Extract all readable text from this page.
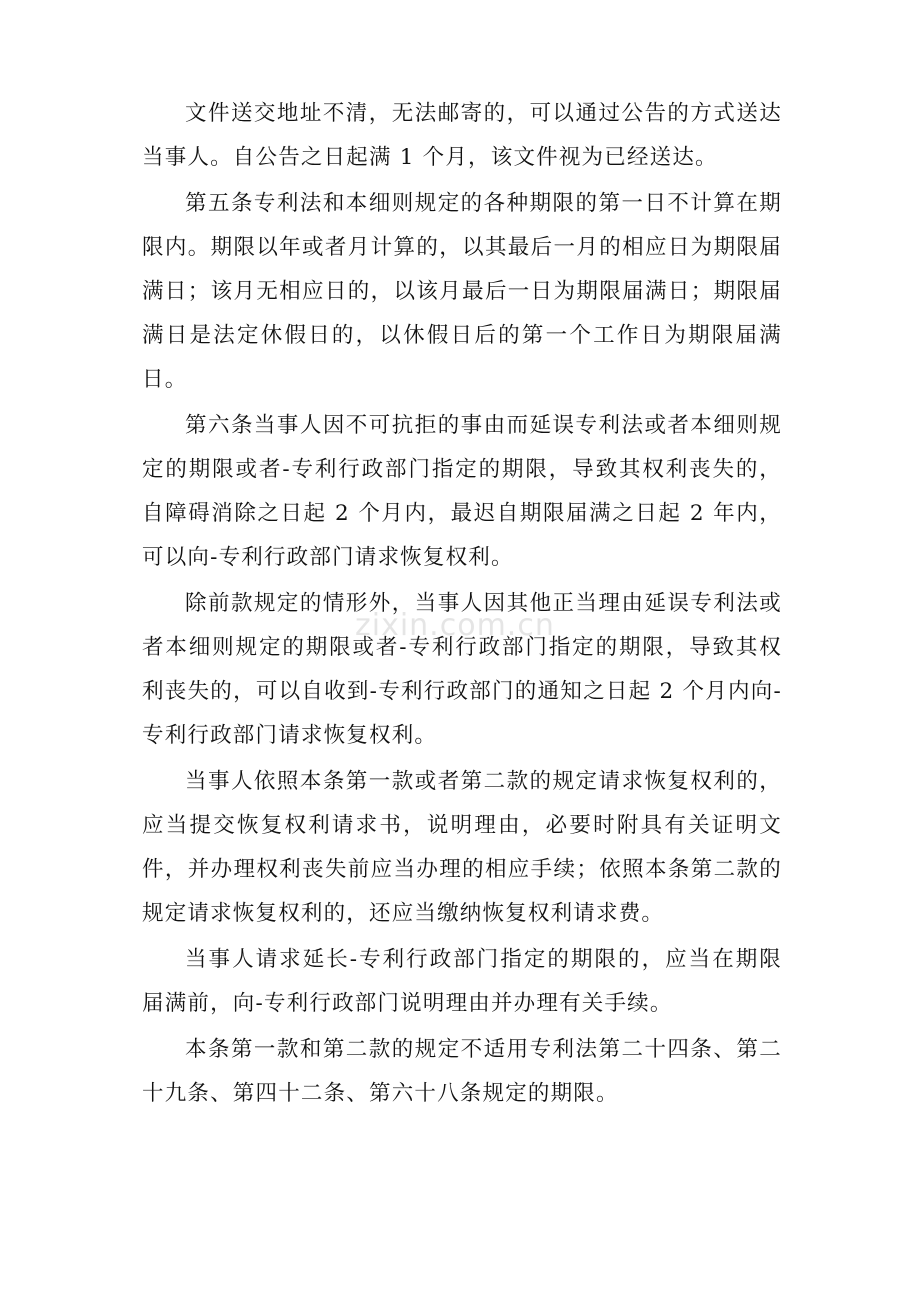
文件送交地址不清，无法邮寄的，可以通过公告的方式送达当事人。自公告之日起满 1 个月，该文件视为已经送达。

第五条专利法和本细则规定的各种期限的第一日不计算在期限内。期限以年或者月计算的，以其最后一月的相应日为期限届满日；该月无相应日的，以该月最后一日为期限届满日；期限届满日是法定休假日的，以休假日后的第一个工作日为期限届满日。

第六条当事人因不可抗拒的事由而延误专利法或者本细则规定的期限或者-专利行政部门指定的期限，导致其权利丧失的，自障碍消除之日起 2 个月内，最迟自期限届满之日起 2 年内，可以向-专利行政部门请求恢复权利。

除前款规定的情形外，当事人因其他正当理由延误专利法或者本细则规定的期限或者-专利行政部门指定的期限，导致其权利丧失的，可以自收到-专利行政部门的通知之日起 2 个月内向-专利行政部门请求恢复权利。

当事人依照本条第一款或者第二款的规定请求恢复权利的，应当提交恢复权利请求书，说明理由，必要时附具有关证明文件，并办理权利丧失前应当办理的相应手续；依照本条第二款的规定请求恢复权利的，还应当缴纳恢复权利请求费。

当事人请求延长-专利行政部门指定的期限的，应当在期限届满前，向-专利行政部门说明理由并办理有关手续。

本条第一款和第二款的规定不适用专利法第二十四条、第二十九条、第四十二条、第六十八条规定的期限。

zixin.com.cn
